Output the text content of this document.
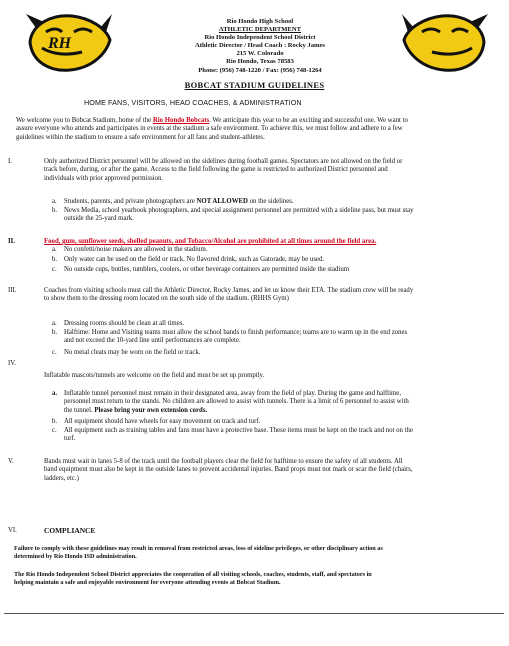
RH
Rio Hondo High School
ATHLETIC DEPARTMENT
Rio Hondo Independent School District
Athletic Director / Head Coach : Rocky James
215 W. Colorado
Rio Hondo, Texas 78583
Phone: (956) 748-1220 / Fax: (956) 748-1264
BOBCAT STADIUM GUIDELINES
HOME FANS, VISITORS, HEAD COACHES, & ADMINISTRATION
We welcome you to Bobcat Stadium, home of the Rio Hondo Bobcats. We anticipate this year to be an exciting and successful one. We want to
assure everyone who attends and participates in events at the stadium a safe environment. To achieve this, we must follow and adhere to a few
guidelines within the stadium to ensure a safe environment for all fans and student-athletes.
I.	Only authorized District personnel will be allowed on the sidelines during football games. Spectators are not allowed on the field or
track before, during, or after the game. Access to the field following the game is restricted to authorized District personnel and
individuals with prior approved permission.
a. Students, parents, and private photographers are NOT ALLOWED on the sidelines.
b. News Media, school yearbook photographers, and special assignment personnel are permitted with a sideline pass, but must stay
outside the 25-yard mark.
II.	Food, gum, sunflower seeds, shelled peanuts, and Tobacco/Alcohol are prohibited at all times around the field area.
a. No confetti/noise makers are allowed in the stadium.
b. Only water can be used on the field or track. No flavored drink, such as Gatorade, may be used.
c. No outside cups, bottles, tumblers, coolers, or other beverage containers are permitted inside the stadium
III.	Coaches from visiting schools must call the Athletic Director, Rocky James, and let us know their ETA. The stadium crew will be ready
to show them to the dressing room located on the south side of the stadium. (RHHS Gym)
a. Dressing rooms should be clean at all times.
b. Halftime: Home and Visiting teams must allow the school bands to finish performance; teams are to warm up in the end zones
and not exceed the 10-yard line until performances are complete.
c. No metal cleats may be worn on the field or track.
IV.
Inflatable mascots/tunnels are welcome on the field and must be set up promptly.
a. Inflatable tunnel personnel must remain in their designated area, away from the field of play. During the game and halftime,
personnel must return to the stands. No children are allowed to assist with tunnels. There is a limit of 6 personnel to assist with
the tunnel. Please bring your own extension cords.
b. All equipment should have wheels for easy movement on track and turf.
c. All equipment such as training tables and fans must have a protective base. These items must be kept on the track and not on the
turf.
V.	Bands must wait in lanes 5-8 of the track until the football players clear the field for halftime to ensure the safety of all students. All
band equipment must also be kept in the outside lanes to prevent accidental injuries. Band props must not mark or scar the field (chairs,
ladders, etc.)
VI.	COMPLIANCE
Failure to comply with these guidelines may result in removal from restricted areas, loss of sideline privileges, or other disciplinary action as
determined by Rio Hondo ISD administration.
The Rio Hondo Independent School District appreciates the cooperation of all visiting schools, coaches, students, staff, and spectators in
helping maintain a safe and enjoyable environment for everyone attending events at Bobcat Stadium.
